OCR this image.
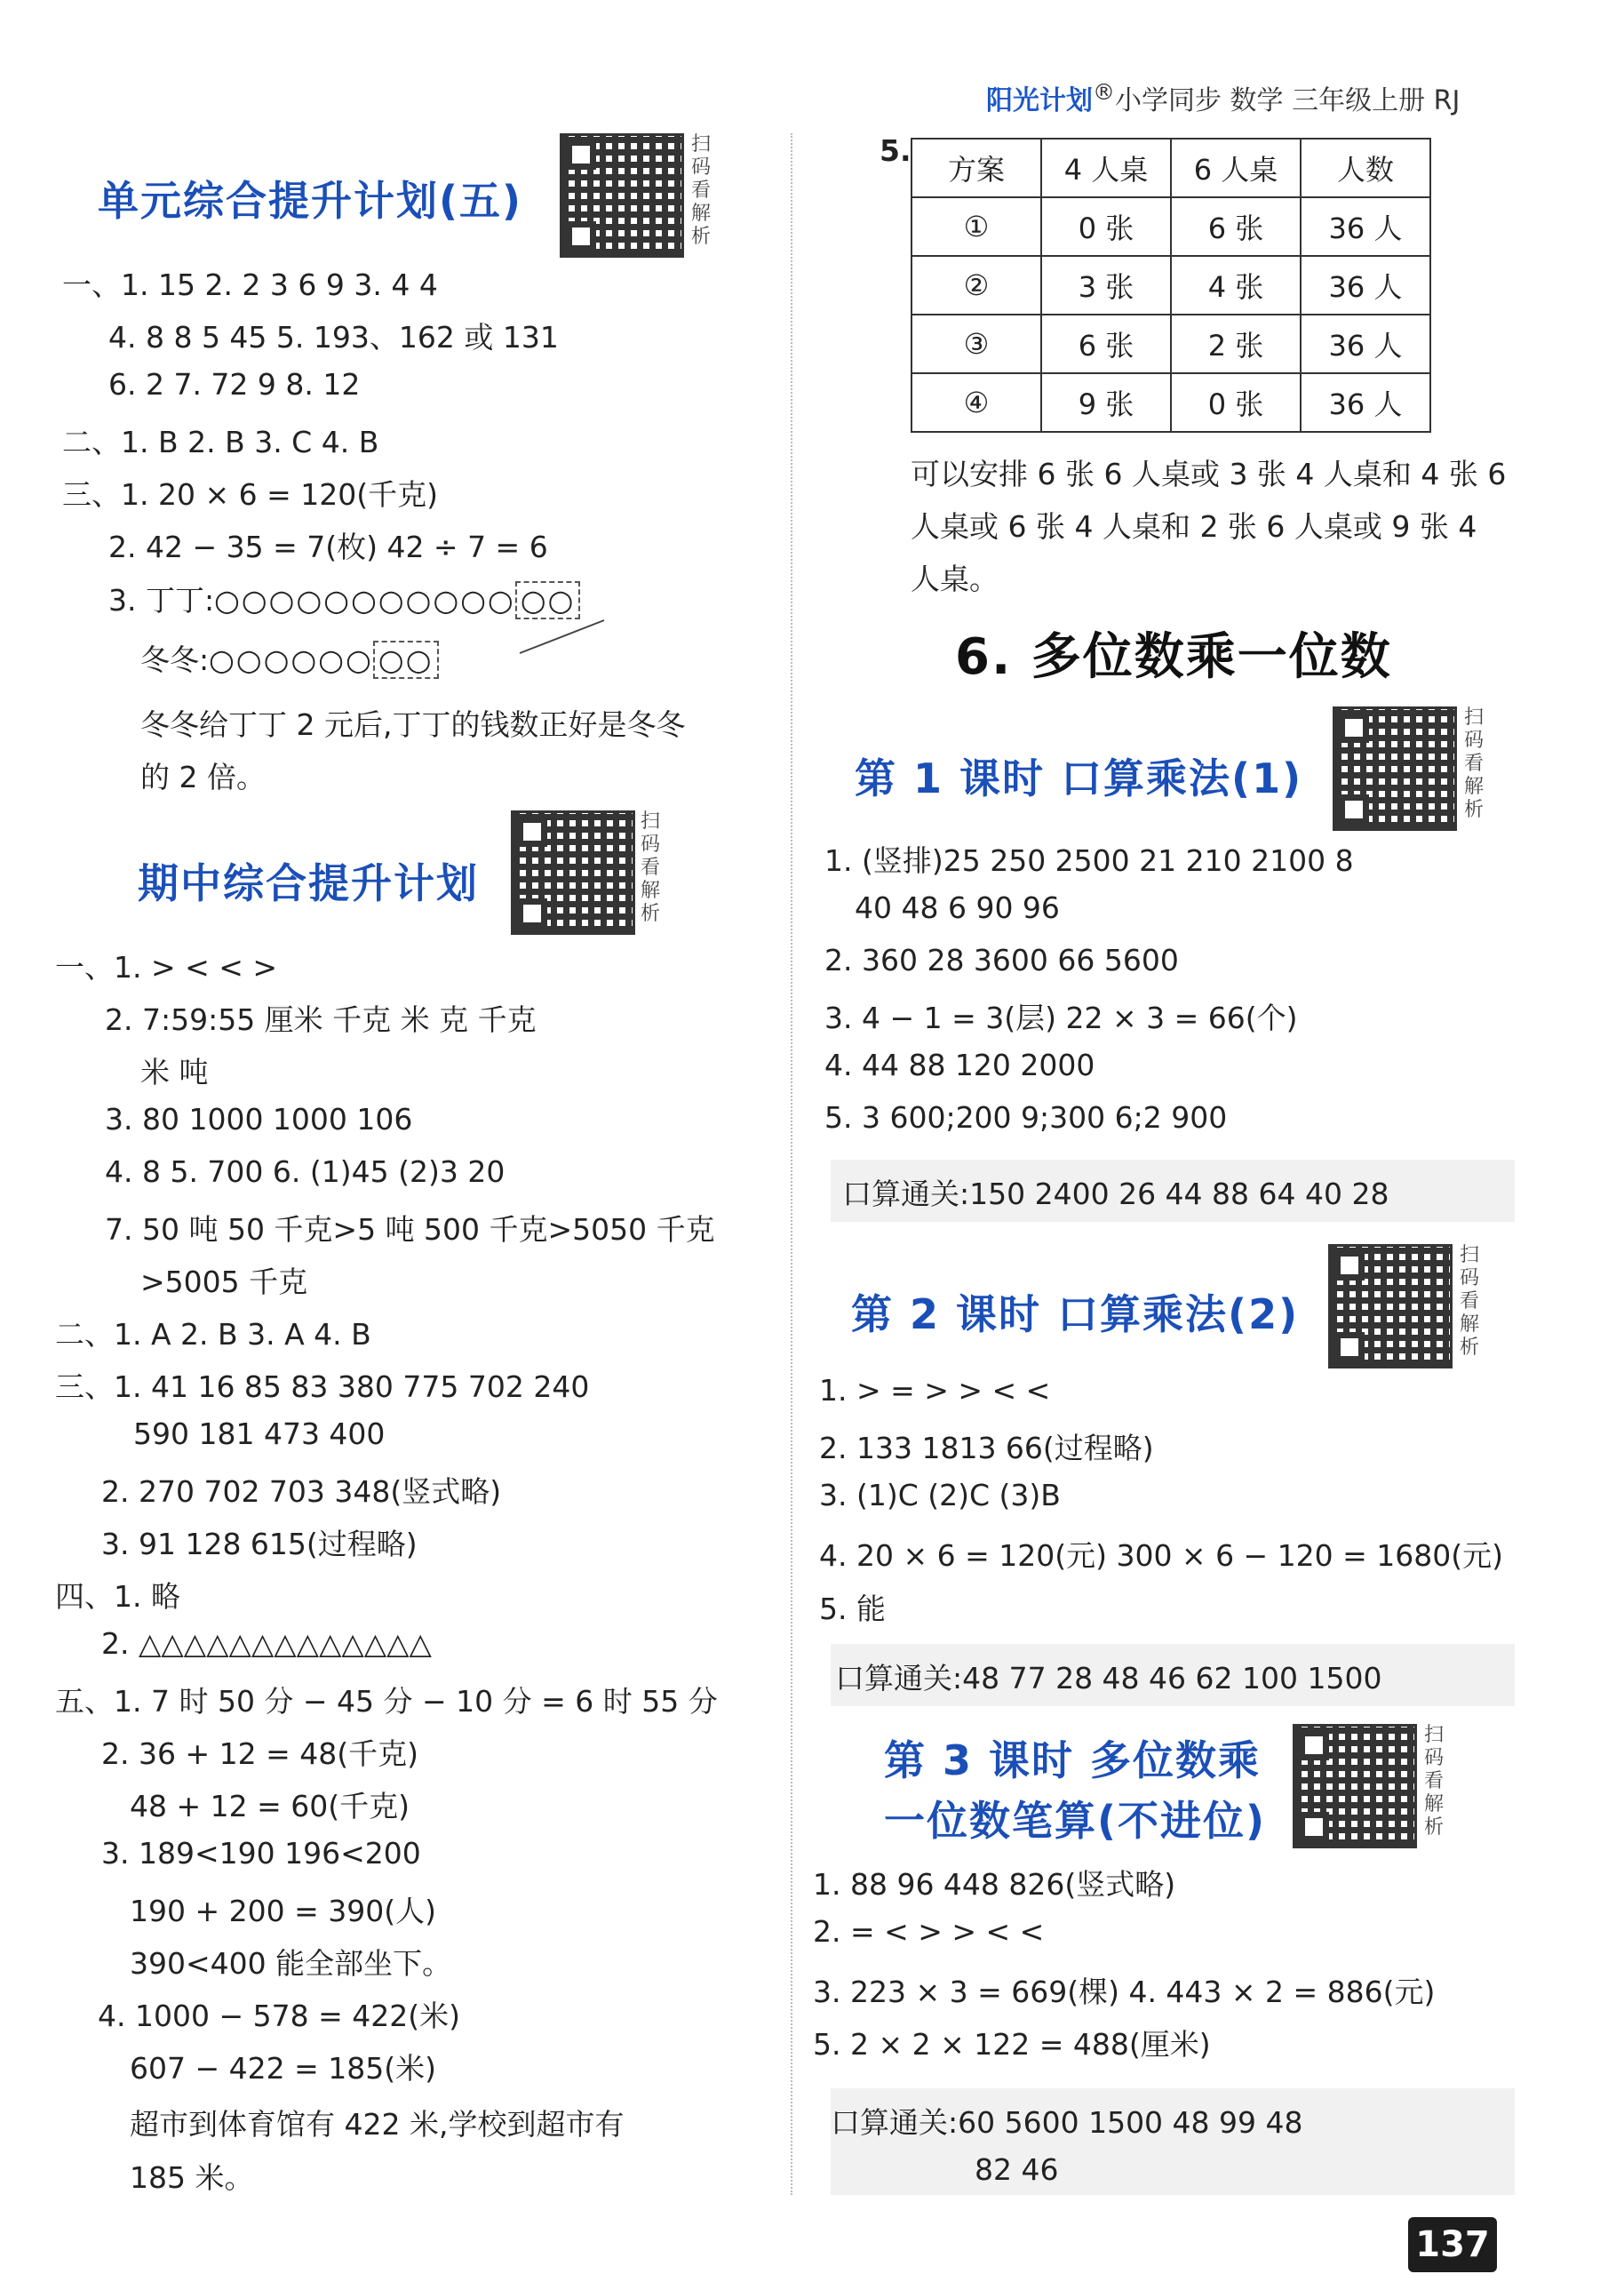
阳光计划®小学同步 数学 三年级上册 RJ
单元综合提升计划(五)
扫码看解析
一、1. 15 2. 2 3 6 9 3. 4 4
4. 8 8 5 45 5. 193、162 或 131
6. 2 7. 72 9 8. 12
二、1. B 2. B 3. C 4. B
三、1. 20 × 6 = 120(千克)
2. 42 − 35 = 7(枚) 42 ÷ 7 = 6
3. 丁丁:○○○○○○○○○○○ ○○
冬冬:○○○○○○ ○○
冬冬给丁丁 2 元后,丁丁的钱数正好是冬冬
的 2 倍。
期中综合提升计划
扫码看解析
一、1. > < < >
2. 7:59:55 厘米 千克 米 克 千克
米 吨
3. 80 1000 1000 106
4. 8 5. 700 6. (1)45 (2)3 20
7. 50 吨 50 千克>5 吨 500 千克>5050 千克
>5005 千克
二、1. A 2. B 3. A 4. B
三、1. 41 16 85 83 380 775 702 240
590 181 473 400
2. 270 702 703 348(竖式略)
3. 91 128 615(过程略)
四、1. 略
2. △△△△△△△△△△△△△
五、1. 7 时 50 分 − 45 分 − 10 分 = 6 时 55 分
2. 36 + 12 = 48(千克)
48 + 12 = 60(千克)
3. 189<190 196<200
190 + 200 = 390(人)
390<400 能全部坐下。
4. 1000 − 578 = 422(米)
607 − 422 = 185(米)
超市到体育馆有 422 米,学校到超市有
185 米。
5.
方案	4 人桌	6 人桌	人数
①	0 张	6 张	36 人
②	3 张	4 张	36 人
③	6 张	2 张	36 人
④	9 张	0 张	36 人
可以安排 6 张 6 人桌或 3 张 4 人桌和 4 张 6
人桌或 6 张 4 人桌和 2 张 6 人桌或 9 张 4
人桌。
6. 多位数乘一位数
第 1 课时 口算乘法(1)
扫码看解析
1. (竖排)25 250 2500 21 210 2100 8
40 48 6 90 96
2. 360 28 3600 66 5600
3. 4 − 1 = 3(层) 22 × 3 = 66(个)
4. 44 88 120 2000
5. 3 600;200 9;300 6;2 900
口算通关:150 2400 26 44 88 64 40 28
第 2 课时 口算乘法(2)
扫码看解析
1. > = > > < <
2. 133 1813 66(过程略)
3. (1)C (2)C (3)B
4. 20 × 6 = 120(元) 300 × 6 − 120 = 1680(元)
5. 能
口算通关:48 77 28 48 46 62 100 1500
第 3 课时 多位数乘
一位数笔算(不进位)
扫码看解析
1. 88 96 448 826(竖式略)
2. = < > > < <
3. 223 × 3 = 669(棵) 4. 443 × 2 = 886(元)
5. 2 × 2 × 122 = 488(厘米)
口算通关:60 5600 1500 48 99 48
82 46
137
